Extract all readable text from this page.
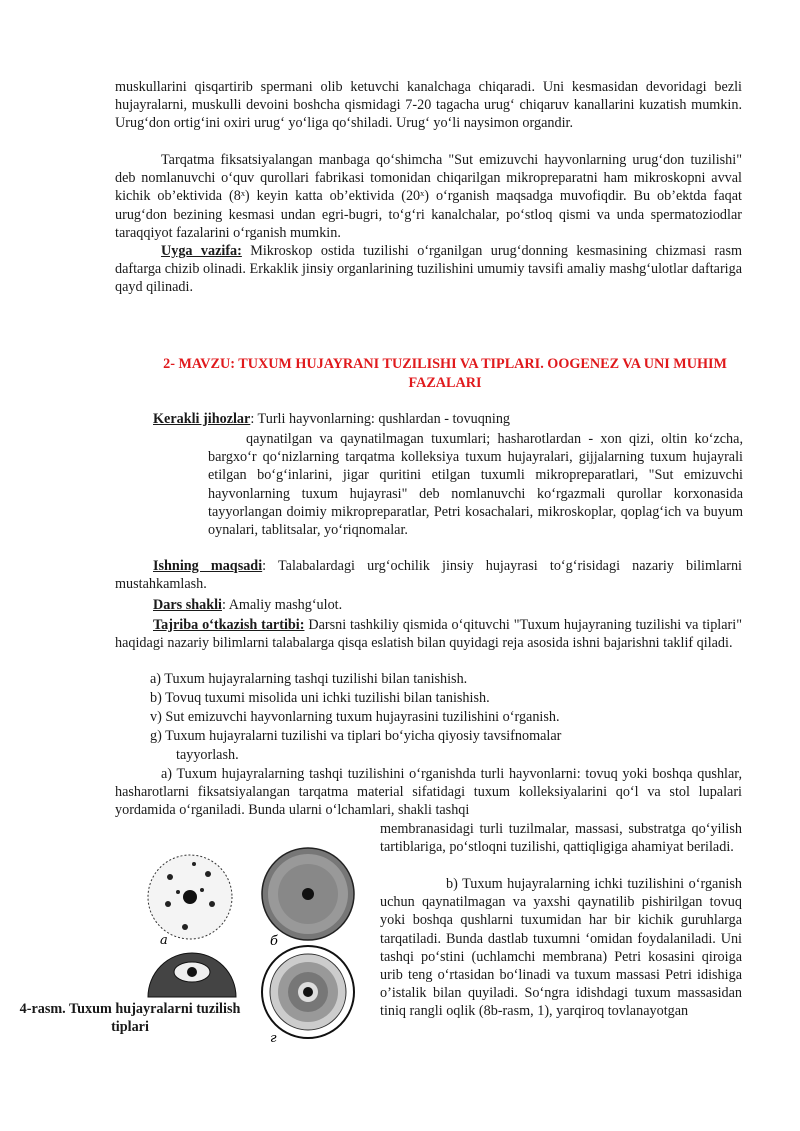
muskullarini qisqartirib spermani olib ketuvchi kanalchaga chiqaradi. Uni kesmasidan devoridagi bezli hujayralarni, muskulli devoini boshcha qismidagi 7-20 tagacha urug‘ chiqaruv kanallarini kuzatish mumkin. Urug‘don ortig‘ini oxiri urug‘ yo‘liga qo‘shiladi. Urug‘ yo‘li naysimon organdir.

Tarqatma fiksatsiyalangan manbaga qo‘shimcha "Sut emizuvchi hayvonlarning urug‘don tuzilishi" deb nomlanuvchi o‘quv qurollari fabrikasi tomonidan chiqarilgan mikropreparatni ham mikroskopni avval kichik ob’ektivida (8ˣ) keyin katta ob’ektivida (20ˣ) o‘rganish maqsadga muvofiqdir. Bu ob’ektda faqat urug‘don bezining kesmasi undan egri-bugri, to‘g‘ri kanalchalar, po‘stloq qismi va unda spermatoziodlar taraqqiyot fazalarini o‘rganish mumkin.

Uyga vazifa: Mikroskop ostida tuzilishi o‘rganilgan urug‘donning kesmasining chizmasi rasm daftarga chizib olinadi. Erkaklik jinsiy organlarining tuzilishini umumiy tavsifi amaliy mashg‘ulotlar daftariga qayd qilinadi.

2- MAVZU: TUXUM HUJAYRANI TUZILISHI VA TIPLARI. OOGENEZ VA UNI MUHIM FAZALARI

Kerakli jihozlar: Turli hayvonlarning: qushlardan - tovuqning

qaynatilgan va qaynatilmagan tuxumlari; hasharotlardan - xon qizi, oltin ko‘zcha, bargxo‘r qo‘nizlarning tarqatma kolleksiya tuxum hujayralari, gijjalarning tuxum hujayrali etilgan bo‘g‘inlarini, jigar quritini etilgan tuxumli mikropreparatlari, "Sut emizuvchi hayvonlarning tuxum hujayrasi" deb nomlanuvchi ko‘rgazmali qurollar korxonasida tayyorlangan doimiy mikropreparatlar, Petri kosachalari, mikroskoplar, qoplag‘ich va buyum oynalari, tablitsalar, yo‘riqnomalar.

Ishning maqsadi: Talabalardagi urg‘ochilik jinsiy hujayrasi to‘g‘risidagi nazariy bilimlarni mustahkamlash.

Dars shakli: Amaliy mashg‘ulot.

Tajriba o‘tkazish tartibi: Darsni tashkiliy qismida o‘qituvchi "Tuxum hujayraning tuzilishi va tiplari" haqidagi nazariy bilimlarni talabalarga qisqa eslatish bilan quyidagi reja asosida ishni bajarishni taklif qiladi.

a) Tuxum hujayralarning tashqi tuzilishi bilan tanishish.

b) Tovuq tuxumi misolida uni ichki tuzilishi bilan tanishish.

v) Sut emizuvchi hayvonlarning tuxum hujayrasini tuzilishini o‘rganish.

g) Tuxum hujayralarni tuzilishi va tiplari bo‘yicha qiyosiy tavsifnomalar

tayyorlash.

a) Tuxum hujayralarning tashqi tuzilishini o‘rganishda turli hayvonlarni: tovuq yoki boshqa qushlar, hasharotlarni fiksatsiyalangan tarqatma material sifatidagi tuxum kolleksiyalarini qo‘l va stol lupalari yordamida o‘rganiladi. Bunda ularni o‘lchamlari, shakli tashqi

membranasidagi turli tuzilmalar, massasi, substratga qo‘yilish tartiblariga, po‘stloqni tuzilishi, qattiqligiga ahamiyat beriladi.

b) Tuxum hujayralarning ichki tuzilishini o‘rganish uchun qaynatilmagan va yaxshi qaynatilib pishirilgan tovuq yoki boshqa qushlarni tuxumidan har bir kichik guruhlarga tarqatiladi. Bunda dastlab tuxumni ‘omidan foydalaniladi. Uni tashqi po‘stini (uchlamchi membrana) Petri kosasini qiroiga urib teng o‘rtasidan bo‘linadi va tuxum massasi Petri idishiga o’istalik bilan quyiladi. So‘ngra idishdagi tuxum massasidan tiniq rangli oqlik (8b-rasm, 1), yarqiroq tovlanayotgan

a	б
г

4-rasm. Tuxum hujayralarni tuzilish tiplari
